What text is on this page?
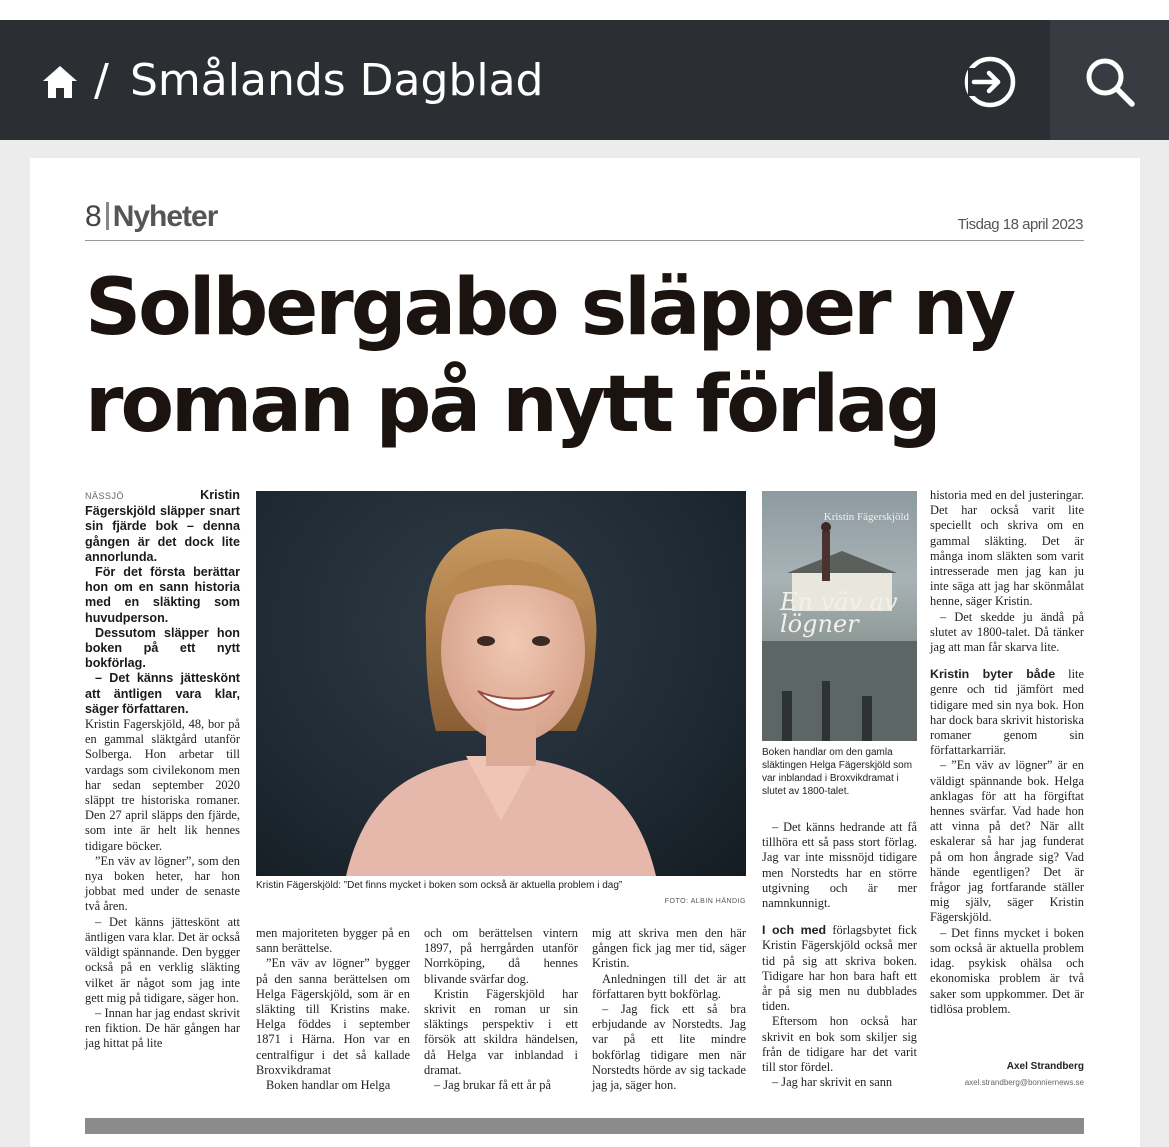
/ Smålands Dagblad
8 Nyheter	Tisdag 18 april 2023
Solbergabo släpper ny roman på nytt förlag

NÄSSJÖ	Kristin Fägerskjöld släpper snart sin fjärde bok – denna gången är det dock lite annorlunda.

För det första berättar hon om en sann historia med en släkting som huvudperson.

Dessutom släpper hon boken på ett nytt bokförlag.

– Det känns jätteskönt att äntligen vara klar, säger författaren.

Kristin Fagerskjöld, 48, bor på en gammal släktgård utanför Solberga. Hon arbetar till vardags som civilekonom men har sedan september 2020 släppt tre historiska romaner. Den 27 april släpps den fjärde, som inte är helt lik hennes tidigare böcker.

”En väv av lögner”, som den nya boken heter, har hon jobbat med under de senaste två åren.

– Det känns jätteskönt att äntligen vara klar. Det är också väldigt spännande. Den bygger också på en verklig släkting vilket är något som jag inte gett mig på tidigare, säger hon.

– Innan har jag endast skrivit ren fiktion. De här gången har jag hittat på lite

Kristin Fägerskjöld: ”Det finns mycket i boken som också är aktuella problem i dag”
FOTO: ALBIN HÄNDIG
Kristin Fägerskjöld
En väv av lögner
Boken handlar om den gamla släktingen Helga Fägerskjöld som var inblandad i Broxvikdramat i slutet av 1800-talet.

men majoriteten bygger på en sann berättelse.

”En väv av lögner” bygger på den sanna berättelsen om Helga Fägerskjöld, som är en släkting till Kristins make. Helga föddes i september 1871 i Härna. Hon var en centralfigur i det så kallade Broxvikdramat

Boken handlar om Helga

och om berättelsen vintern 1897, på herrgården utanför Norrköping, då hennes blivande svärfar dog.

Kristin Fägerskjöld har skrivit en roman ur sin släktings perspektiv i ett försök att skildra händelsen, då Helga var inblandad i dramat.

– Jag brukar få ett år på

mig att skriva men den här gången fick jag mer tid, säger Kristin.

Anledningen till det är att författaren bytt bokförlag.

– Jag fick ett så bra erbjudande av Norstedts. Jag var på ett lite mindre bokförlag tidigare men när Norstedts hörde av sig tackade jag ja, säger hon.

– Det känns hedrande att få tillhöra ett så pass stort förlag. Jag var inte missnöjd tidigare men Norstedts har en större utgivning och är mer namnkunnigt.

I och med förlagsbytet fick Kristin Fägerskjöld också mer tid på sig att skriva boken. Tidigare har hon bara haft ett år på sig men nu dubblades tiden.

Eftersom hon också har skrivit en bok som skiljer sig från de tidigare har det varit till stor fördel.

– Jag har skrivit en sann

historia med en del justeringar. Det har också varit lite speciellt och skriva om en gammal släkting. Det är många inom släkten som varit intresserade men jag kan ju inte säga att jag har skönmålat henne, säger Kristin.

– Det skedde ju ändå på slutet av 1800-talet. Då tänker jag att man får skarva lite.

Kristin byter både lite genre och tid jämfört med tidigare med sin nya bok. Hon har dock bara skrivit historiska romaner genom sin författarkarriär.

– ”En väv av lögner” är en väldigt spännande bok. Helga anklagas för att ha förgiftat hennes svärfar. Vad hade hon att vinna på det? När allt eskalerar så har jag funderat på om hon ångrade sig? Vad hände egentligen? Det är frågor jag fortfarande ställer mig själv, säger Kristin Fägerskjöld.

– Det finns mycket i boken som också är aktuella problem idag. psykisk ohälsa och ekonomiska problem är två saker som uppkommer. Det är tidlösa problem.

Axel Strandberg
axel.strandberg@bonniernews.se
